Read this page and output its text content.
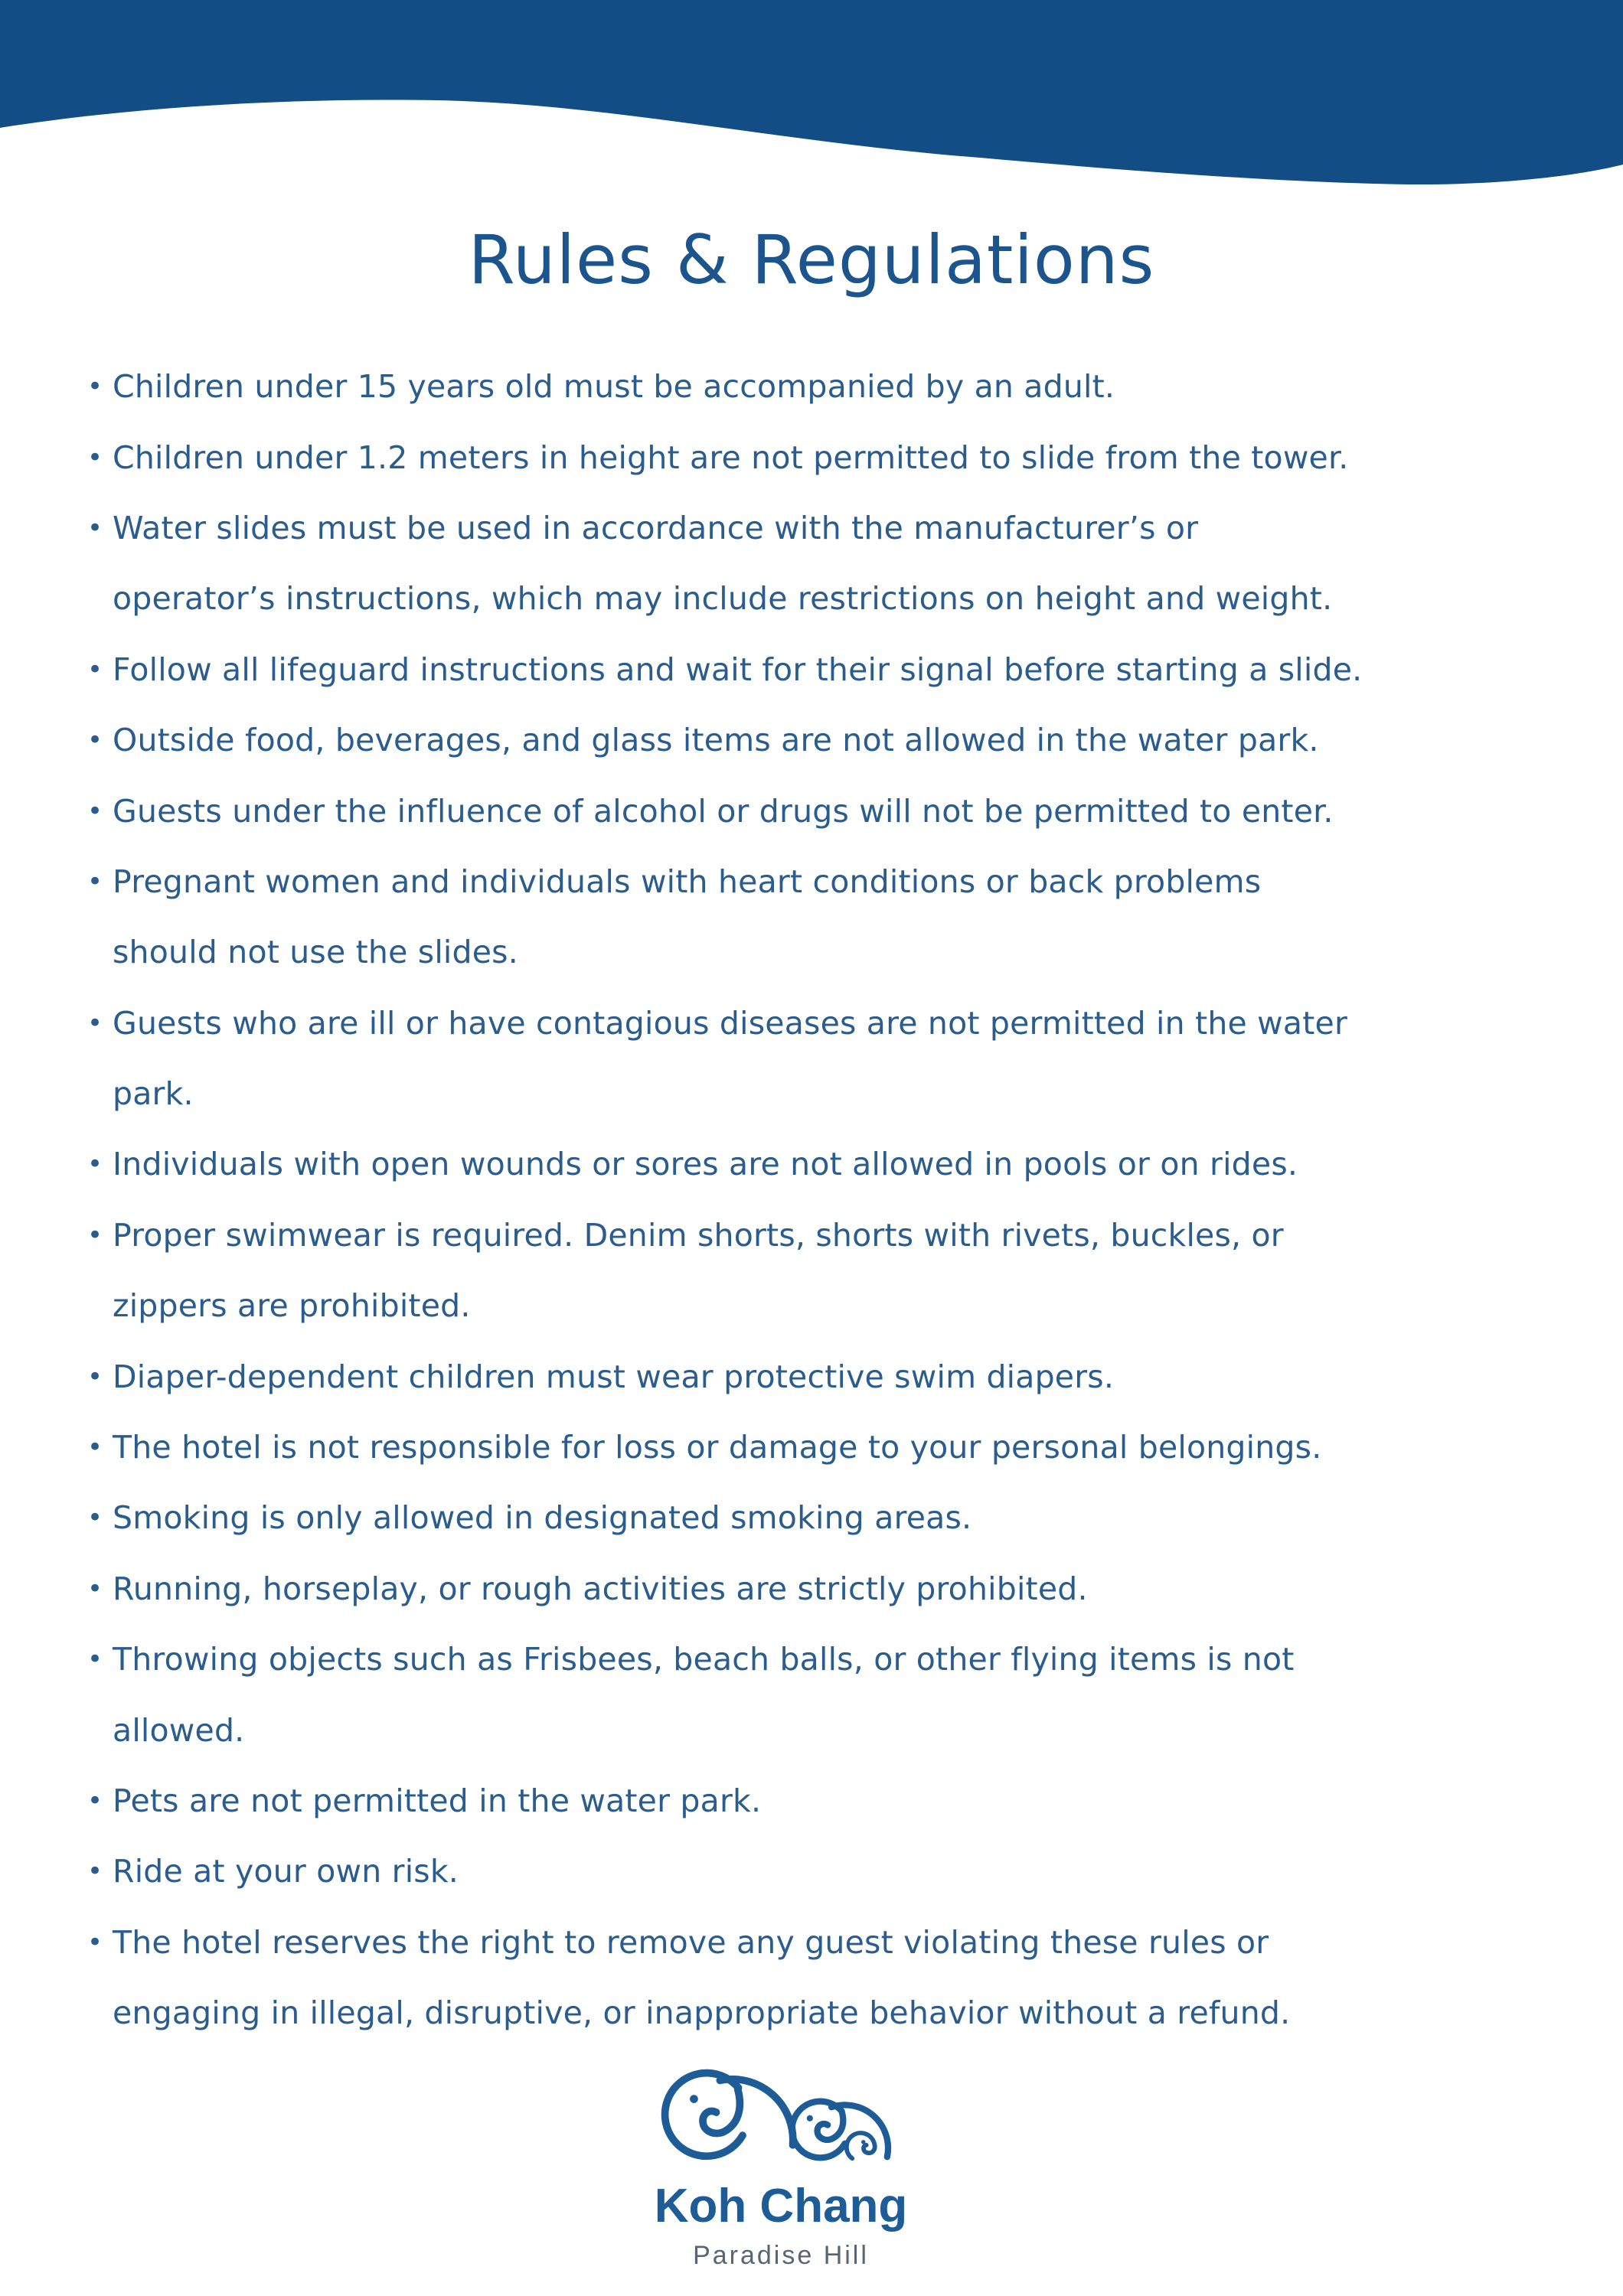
Rules & Regulations
• Children under 15 years old must be accompanied by an adult.
• Children under 1.2 meters in height are not permitted to slide from the tower.
• Water slides must be used in accordance with the manufacturer’s or
operator’s instructions, which may include restrictions on height and weight.
• Follow all lifeguard instructions and wait for their signal before starting a slide.
• Outside food, beverages, and glass items are not allowed in the water park.
• Guests under the influence of alcohol or drugs will not be permitted to enter.
• Pregnant women and individuals with heart conditions or back problems
should not use the slides.
• Guests who are ill or have contagious diseases are not permitted in the water
park.
• Individuals with open wounds or sores are not allowed in pools or on rides.
• Proper swimwear is required. Denim shorts, shorts with rivets, buckles, or
zippers are prohibited.
• Diaper-dependent children must wear protective swim diapers.
• The hotel is not responsible for loss or damage to your personal belongings.
• Smoking is only allowed in designated smoking areas.
• Running, horseplay, or rough activities are strictly prohibited.
• Throwing objects such as Frisbees, beach balls, or other flying items is not
allowed.
• Pets are not permitted in the water park.
• Ride at your own risk.
• The hotel reserves the right to remove any guest violating these rules or
engaging in illegal, disruptive, or inappropriate behavior without a refund.
Koh Chang
Paradise Hill
